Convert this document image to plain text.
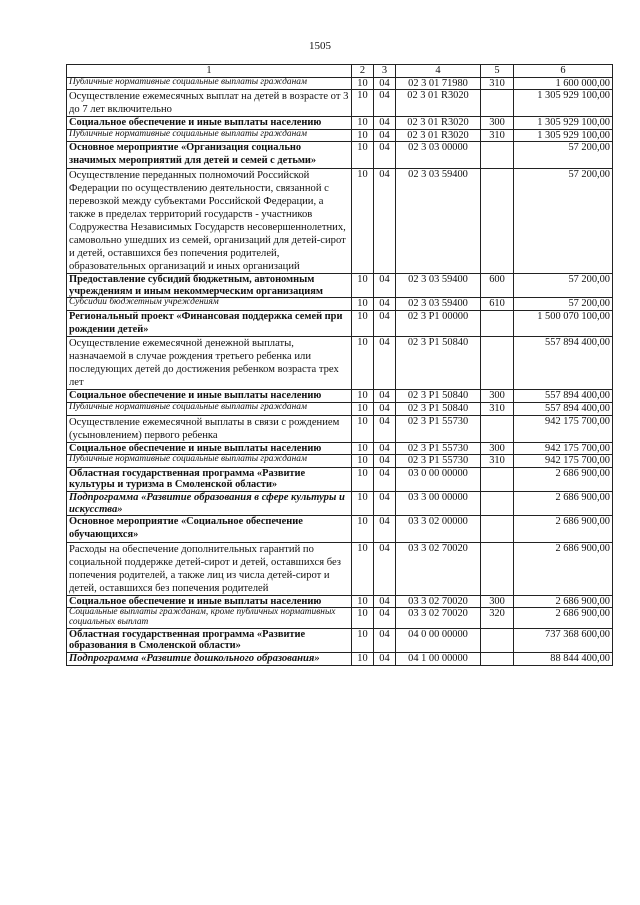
1505
1	2	3	4	5	6
Публичные нормативные социальные выплаты гражданам	10	04	02 3 01 71980	310	1 600 000,00
Осуществление ежемесячных выплат на детей в возрасте от 3 до 7 лет включительно	10	04	02 3 01 R3020		1 305 929 100,00
Социальное обеспечение и иные выплаты населению	10	04	02 3 01 R3020	300	1 305 929 100,00
Публичные нормативные социальные выплаты гражданам	10	04	02 3 01 R3020	310	1 305 929 100,00
Основное мероприятие «Организация социально значимых мероприятий для детей и семей с детьми»	10	04	02 3 03 00000		57 200,00
Осуществление переданных полномочий Российской Федерации по осуществлению деятельности, связанной с перевозкой между субъектами Российской Федерации, а также в пределах территорий государств - участников Содружества Независимых Государств несовершеннолетних, самовольно ушедших из семей, организаций для детей-сирот и детей, оставшихся без попечения родителей, образовательных организаций и иных организаций	10	04	02 3 03 59400		57 200,00
Предоставление субсидий бюджетным, автономным учреждениям и иным некоммерческим организациям	10	04	02 3 03 59400	600	57 200,00
Субсидии бюджетным учреждениям	10	04	02 3 03 59400	610	57 200,00
Региональный проект «Финансовая поддержка семей при рождении детей»	10	04	02 3 P1 00000		1 500 070 100,00
Осуществление ежемесячной денежной выплаты, назначаемой в случае рождения третьего ребенка или последующих детей до достижения ребенком возраста трех лет	10	04	02 3 P1 50840		557 894 400,00
Социальное обеспечение и иные выплаты населению	10	04	02 3 P1 50840	300	557 894 400,00
Публичные нормативные социальные выплаты гражданам	10	04	02 3 P1 50840	310	557 894 400,00
Осуществление ежемесячной выплаты в связи с рождением (усыновлением) первого ребенка	10	04	02 3 P1 55730		942 175 700,00
Социальное обеспечение и иные выплаты населению	10	04	02 3 P1 55730	300	942 175 700,00
Публичные нормативные социальные выплаты гражданам	10	04	02 3 P1 55730	310	942 175 700,00
Областная государственная программа «Развитие культуры и туризма в Смоленской области»	10	04	03 0 00 00000		2 686 900,00
Подпрограмма «Развитие образования в сфере культуры и искусства»	10	04	03 3 00 00000		2 686 900,00
Основное мероприятие «Социальное обеспечение обучающихся»	10	04	03 3 02 00000		2 686 900,00
Расходы на обеспечение дополнительных гарантий по социальной поддержке детей-сирот и детей, оставшихся без попечения родителей, а также лиц из числа детей-сирот и детей, оставшихся без попечения родителей	10	04	03 3 02 70020		2 686 900,00
Социальное обеспечение и иные выплаты населению	10	04	03 3 02 70020	300	2 686 900,00
Социальные выплаты гражданам, кроме публичных нормативных социальных выплат	10	04	03 3 02 70020	320	2 686 900,00
Областная государственная программа «Развитие образования в Смоленской области»	10	04	04 0 00 00000		737 368 600,00
Подпрограмма «Развитие дошкольного образования»	10	04	04 1 00 00000		88 844 400,00
